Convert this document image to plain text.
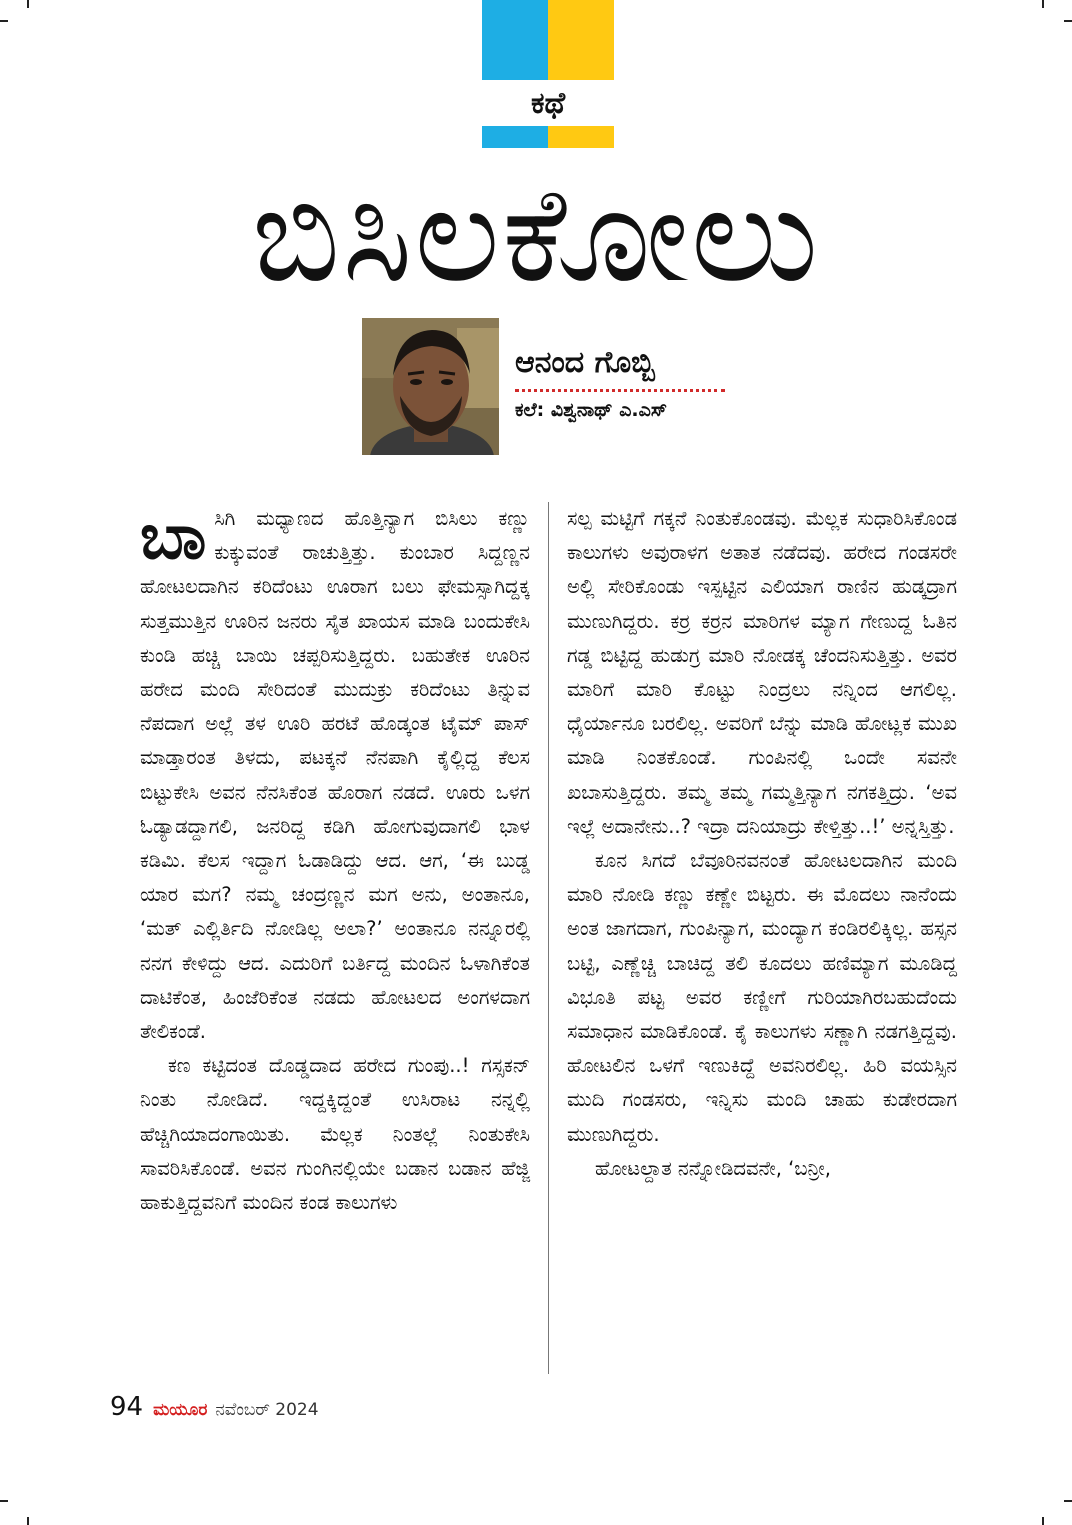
ಕಥೆ
ಬಿಸಿಲಕೋಲು
ಆನಂದ ಗೊಬ್ಬಿ
ಕಲೆ: ವಿಶ್ವನಾಥ್ ಎ.ಎಸ್

ಬಾಸಿಗಿ ಮಧ್ಯಾಣದ ಹೊತ್ತಿನ್ಯಾಗ ಬಿಸಿಲು ಕಣ್ಣು ಕುಕ್ಕುವಂತೆ ರಾಚುತ್ತಿತ್ತು. ಕುಂಬಾರ ಸಿದ್ದಣ್ಣನ ಹೋಟಲದಾಗಿನ ಕರಿದೆಂಟು ಊರಾಗ ಬಲು ಫೇಮಸ್ಸಾಗಿದ್ದಕ್ಕ ಸುತ್ತಮುತ್ತಿನ ಊರಿನ ಜನರು ಸೈತ ಖಾಯಸ ಮಾಡಿ ಬಂದುಕೇಸಿ ಕುಂಡಿ ಹಚ್ಚಿ ಬಾಯಿ ಚಪ್ಪರಿಸುತ್ತಿದ್ದರು. ಬಹುತೇಕ ಊರಿನ ಹರೇದ ಮಂದಿ ಸೇರಿದಂತೆ ಮುದುಕ್ರು ಕರಿದೆಂಟು ತಿನ್ನುವ ನೆಪದಾಗ ಅಲ್ಲೆ ತಳ ಊರಿ ಹರಟೆ ಹೊಡ್ಕಂತ ಟೈಮ್ ಪಾಸ್ ಮಾಡ್ತಾರಂತ ತಿಳದು, ಪಟಕ್ಕನೆ ನೆನಪಾಗಿ ಕೈಲ್ಲಿದ್ದ ಕೆಲಸ ಬಿಟ್ಟುಕೇಸಿ ಅವನ ನೆನಸಿಕೆಂತ ಹೊರಾಗ ನಡದೆ. ಊರು ಒಳಗ ಓಡ್ಯಾಡದ್ದಾಗಲಿ, ಜನರಿದ್ದ ಕಡಿಗಿ ಹೋಗುವುದಾಗಲಿ ಭಾಳ ಕಡಿಮಿ. ಕೆಲಸ ಇದ್ದಾಗ ಓಡಾಡಿದ್ದು ಆದ. ಆಗ, ‘ಈ ಬುಡ್ಡ ಯಾರ ಮಗ? ನಮ್ಮ ಚಂದ್ರಣ್ಣನ ಮಗ ಅನು, ಅಂತಾನೂ, ‘ಮತ್ ಎಲ್ಲಿರ್ತಿದಿ ನೋಡಿಲ್ಲ ಅಲಾ?’ ಅಂತಾನೂ ನನ್ನೂರಲ್ಲಿ ನನಗ ಕೇಳಿದ್ದು ಆದ. ಎದುರಿಗೆ ಬರ್ತಿದ್ದ ಮಂದಿನ ಓಳಾಗಿಕೆಂತ ದಾಟಿಕೆಂತ, ಹಿಂಜೆರಿಕೆಂತ ನಡದು ಹೋಟಲದ ಅಂಗಳದಾಗ ತೇಲಿಕಂಡೆ.

ಕಣ ಕಟ್ಟಿದಂತ ದೊಡ್ಡದಾದ ಹರೇದ ಗುಂಪು..! ಗಸ್ಸಕನ್ ನಿಂತು ನೋಡಿದೆ. ಇದ್ದಕ್ಕಿದ್ದಂತೆ ಉಸಿರಾಟ ನನ್ನಲ್ಲಿ ಹೆಚ್ಚಿಗಿಯಾದಂಗಾಯಿತು. ಮೆಲ್ಲಕ ನಿಂತಲ್ಲೆ ನಿಂತುಕೇಸಿ ಸಾವರಿಸಿಕೊಂಡೆ. ಅವನ ಗುಂಗಿನಲ್ಲಿಯೇ ಬಡಾನ ಬಡಾನ ಹೆಜ್ಜಿ ಹಾಕುತ್ತಿದ್ದವನಿಗೆ ಮಂದಿನ ಕಂಡ ಕಾಲುಗಳು

ಸಲ್ಪ ಮಟ್ಟಿಗೆ ಗಕ್ಕನೆ ನಿಂತುಕೊಂಡವು. ಮೆಲ್ಲಕ ಸುಧಾರಿಸಿಕೊಂಡ ಕಾಲುಗಳು ಅವುರಾಳಗ ಅತಾತ ನಡೆದವು. ಹರೇದ ಗಂಡಸರೇ ಅಲ್ಲಿ ಸೇರಿಕೊಂಡು ಇಸ್ಪಟ್ಟಿನ ಎಲಿಯಾಗ ರಾಣಿನ ಹುಡ್ಕದ್ರಾಗ ಮುಣುಗಿದ್ದರು. ಕರ್ರ ಕರ್ರನ ಮಾರಿಗಳ ಮ್ಯಾಗ ಗೇಣುದ್ದ ಓತಿನ ಗಡ್ಡ ಬಿಟ್ಟಿದ್ದ ಹುಡುಗ್ರ ಮಾರಿ ನೋಡಕ್ಕ ಚೆಂದನಿಸುತ್ತಿತ್ತು. ಅವರ ಮಾರಿಗೆ ಮಾರಿ ಕೊಟ್ಟು ನಿಂದ್ರಲು ನನ್ನಿಂದ ಆಗಲಿಲ್ಲ. ಧೈರ್ಯಾನೂ ಬರಲಿಲ್ಲ. ಅವರಿಗೆ ಬೆನ್ನು ಮಾಡಿ ಹೋಟ್ಲಕ ಮುಖ ಮಾಡಿ ನಿಂತಕೊಂಡೆ. ಗುಂಪಿನಲ್ಲಿ ಒಂದೇ ಸವನೇ ಖಬಾಸುತ್ತಿದ್ದರು. ತಮ್ಮ ತಮ್ಮ ಗಮ್ಮತ್ತಿನ್ಯಾಗ ನಗಕತ್ತಿದ್ರು. ‘ಅವ ಇಲ್ಲೆ ಅದಾನೇನು..? ಇದ್ರಾ ದನಿಯಾದ್ರು ಕೇಳ್ತಿತ್ತು..!’ ಅನ್ನಸ್ತಿತ್ತು.

ಕೂನ ಸಿಗದೆ ಬೆವೂರಿನವನಂತೆ ಹೋಟಲದಾಗಿನ ಮಂದಿ ಮಾರಿ ನೋಡಿ ಕಣ್ಣು ಕಣ್ಣೇ ಬಿಟ್ಟರು. ಈ ಮೊದಲು ನಾನೆಂದು ಅಂತ ಜಾಗದಾಗ, ಗುಂಪಿನ್ಯಾಗ, ಮಂದ್ಯಾಗ ಕಂಡಿರಲಿಕ್ಕಿಲ್ಲ. ಹಸ್ಸನ ಬಟ್ಟಿ, ಎಣ್ಣೆಚ್ಚಿ ಬಾಚಿದ್ದ ತಲಿ ಕೂದಲು ಹಣಿಮ್ಯಾಗ ಮೂಡಿದ್ದ ವಿಭೂತಿ ಪಟ್ಟ ಅವರ ಕಣ್ಣೀಗೆ ಗುರಿಯಾಗಿರಬಹುದೆಂದು ಸಮಾಧಾನ ಮಾಡಿಕೊಂಡೆ. ಕೈ ಕಾಲುಗಳು ಸಣ್ಣಾಗಿ ನಡಗತ್ತಿದ್ದವು. ಹೋಟಲಿನ ಒಳಗೆ ಇಣುಕಿದ್ದೆ ಅವನಿರಲಿಲ್ಲ. ಹಿರಿ ವಯಸ್ಸಿನ ಮುದಿ ಗಂಡಸರು, ಇನ್ನಿಸು ಮಂದಿ ಚಾಹು ಕುಡೇರದಾಗ ಮುಣುಗಿದ್ದರು.

ಹೋಟಲ್ದಾತ ನನ್ನೋಡಿದವನೇ, ‘ಬನ್ರೀ,

94 ಮಯೂರ ನವೆಂಬರ್ 2024
